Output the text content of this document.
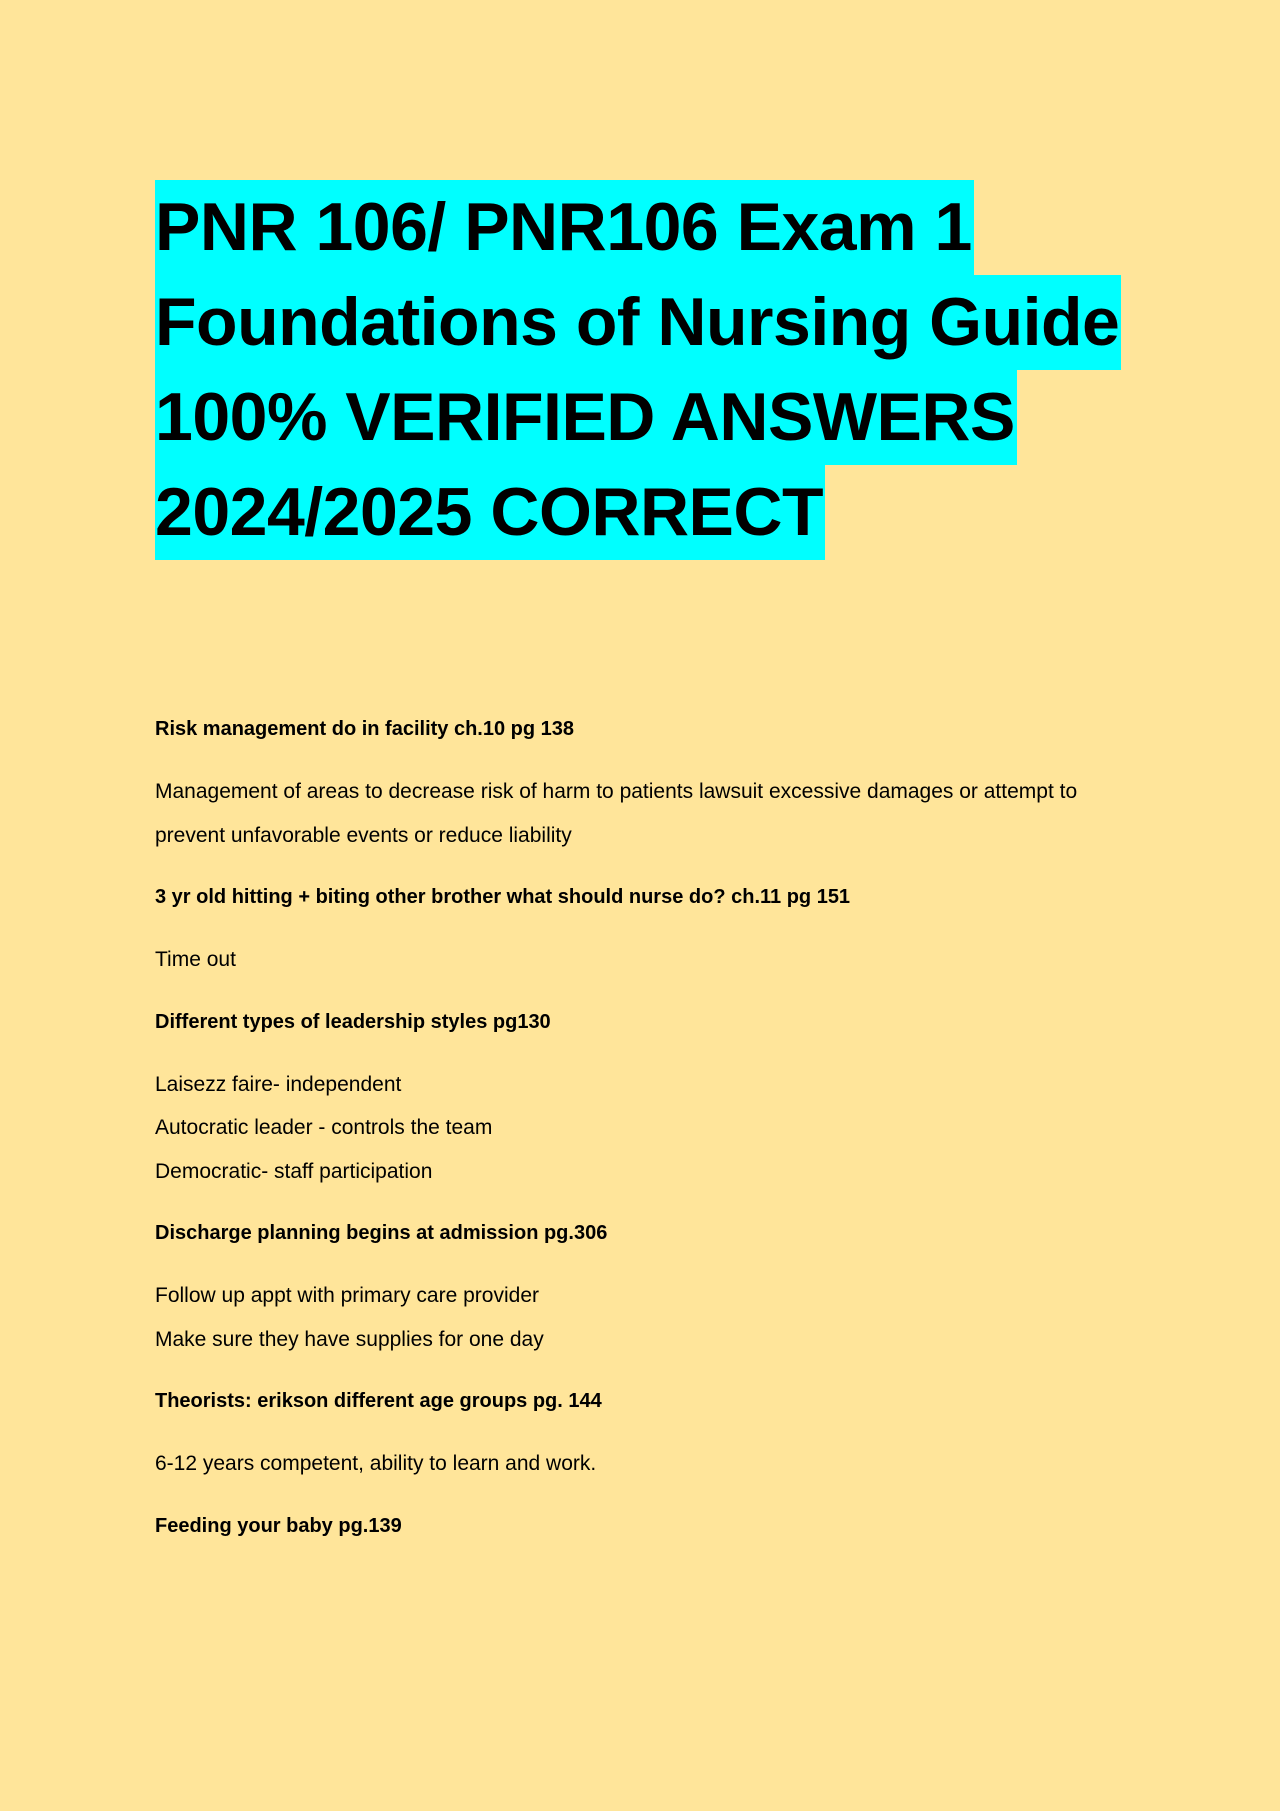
PNR 106/ PNR106 Exam 1
Foundations of Nursing Guide
100% VERIFIED ANSWERS
2024/2025 CORRECT

Risk management do in facility ch.10 pg 138

Management of areas to decrease risk of harm to patients lawsuit excessive damages or attempt to
prevent unfavorable events or reduce liability

3 yr old hitting + biting other brother what should nurse do? ch.11 pg 151

Time out

Different types of leadership styles pg130

Laisezz faire- independent
Autocratic leader - controls the team
Democratic- staff participation

Discharge planning begins at admission pg.306

Follow up appt with primary care provider
Make sure they have supplies for one day

Theorists: erikson different age groups pg. 144

6-12 years competent, ability to learn and work.

Feeding your baby pg.139
